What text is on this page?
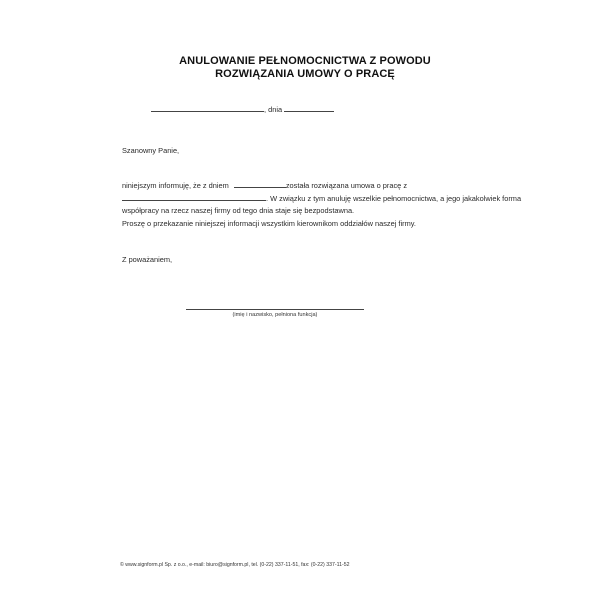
ANULOWANIE PEŁNOMOCNICTWA Z POWODU
ROZWIĄZANIA UMOWY O PRACĘ
, dnia
Szanowny Panie,
niniejszym informuję, że z dniem	została rozwiązana umowa o pracę z
. W związku z tym anuluję wszelkie pełnomocnictwa, a jego jakakolwiek forma
współpracy na rzecz naszej firmy od tego dnia staje się bezpodstawna.
Proszę o przekazanie niniejszej informacji wszystkim kierownikom oddziałów naszej firmy.
Z poważaniem,
(imię i nazwisko, pełniona funkcja)
© www.signform.pl Sp. z o.o., e-mail: biuro@signform.pl, tel. (0-22) 337-11-51, fax: (0-22) 337-11-52
